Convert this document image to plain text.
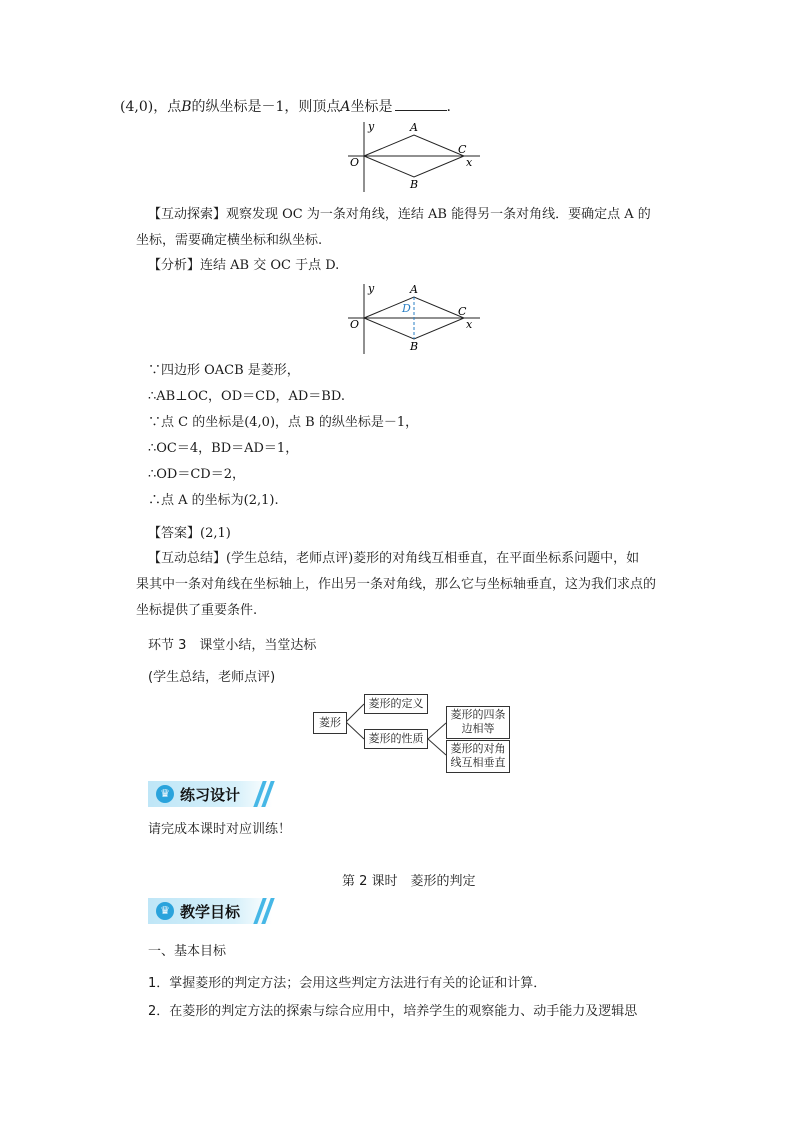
(4,0)，点B的纵坐标是－1，则顶点A坐标是	.
y
x
O
A
B
C
【互动探索】观察发现 OC 为一条对角线，连结 AB 能得另一条对角线．要确定点 A 的
坐标，需要确定横坐标和纵坐标.
【分析】连结 AB 交 OC 于点 D.
y
x
O
A
B
C
D
∵四边形 OACB 是菱形，
∴AB⊥OC，OD＝CD，AD＝BD.
∵点 C 的坐标是(4,0)，点 B 的纵坐标是－1，
∴OC＝4，BD＝AD＝1，
∴OD＝CD＝2，
∴点 A 的坐标为(2,1).
【答案】(2,1)
【互动总结】(学生总结，老师点评)菱形的对角线互相垂直，在平面坐标系问题中，如
果其中一条对角线在坐标轴上，作出另一条对角线，那么它与坐标轴垂直，这为我们求点的
坐标提供了重要条件.
环节 3　课堂小结，当堂达标
(学生总结，老师点评)
菱形
菱形的定义
菱形的性质
菱形的四条
边相等
菱形的对角
线互相垂直
♛ 练习设计
请完成本课时对应训练！
第 2 课时　菱形的判定
♛ 教学目标
一、基本目标
1．掌握菱形的判定方法；会用这些判定方法进行有关的论证和计算．
2．在菱形的判定方法的探索与综合应用中，培养学生的观察能力、动手能力及逻辑思
